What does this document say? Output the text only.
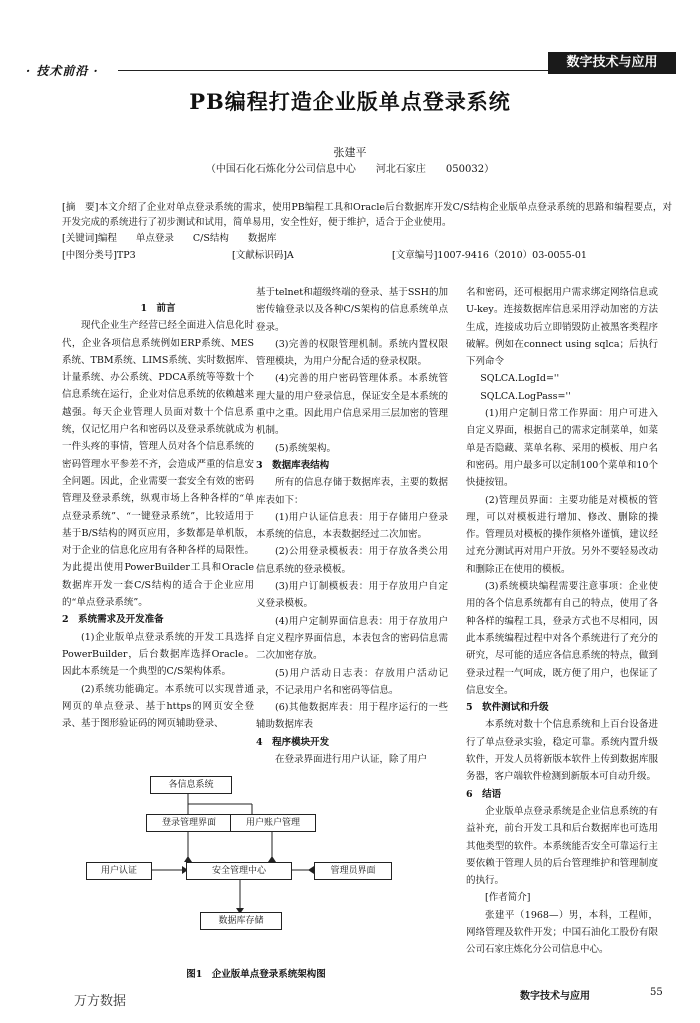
· 技术前沿 ·
数字技术与应用
PB编程打造企业版单点登录系统
张建平
（中国石化石炼化分公司信息中心　　河北石家庄　　050032）
[摘　要]本文介绍了企业对单点登录系统的需求，使用PB编程工具和Oracle后台数据库开发C/S结构企业版单点登录系统的思路和编程要点，对开发完成的系统进行了初步测试和试用，简单易用，安全性好，便于维护，适合于企业使用。
[关键词]编程　　单点登录　　C/S结构　　数据库
[中图分类号]TP3	[文献标识码]A	[文章编号]1007-9416（2010）03-0055-01

1　前言

现代企业生产经营已经全面进入信息化时代，企业各项信息系统例如ERP系统、MES系统、TBM系统、LIMS系统、实时数据库、计量系统、办公系统、PDCA系统等等数十个信息系统在运行，企业对信息系统的依赖越来越强。每天企业管理人员面对数十个信息系统，仅记忆用户名和密码以及登录系统就成为一件头疼的事情，管理人员对各个信息系统的密码管理水平参差不齐，会造成严重的信息安全问题。因此，企业需要一套安全有效的密码管理及登录系统，纵观市场上各种各样的“单点登录系统”、“一键登录系统”，比较适用于基于B/S结构的网页应用，多数都是单机版，对于企业的信息化应用有各种各样的局限性。为此提出使用PowerBuilder工具和Oracle数据库开发一套C/S结构的适合于企业应用的“单点登录系统”。

2　系统需求及开发准备

(1)企业版单点登录系统的开发工具选择PowerBuilder，后台数据库选择Oracle。因此本系统是一个典型的C/S架构体系。

(2)系统功能确定。本系统可以实现普通网页的单点登录、基于https的网页安全登录、基于图形验证码的网页辅助登录、

基于telnet和超级终端的登录、基于SSH的加密传输登录以及各种C/S架构的信息系统单点登录。

(3)完善的权限管理机制。系统内置权限管理模块，为用户分配合适的登录权限。

(4)完善的用户密码管理体系。本系统管理大量的用户登录信息，保证安全是本系统的重中之重。因此用户信息采用三层加密的管理机制。

(5)系统架构。

3　数据库表结构

所有的信息存储于数据库表，主要的数据库表如下：

(1)用户认证信息表：用于存储用户登录本系统的信息，本表数据经过二次加密。

(2)公用登录模板表：用于存放各类公用信息系统的登录模板。

(3)用户订制模板表：用于存放用户自定义登录模板。

(4)用户定制界面信息表：用于存放用户自定义程序界面信息，本表包含的密码信息需二次加密存放。

(5)用户活动日志表：存放用户活动记录，不记录用户名和密码等信息。

(6)其他数据库表：用于程序运行的一些辅助数据库表

4　程序模块开发

在登录界面进行用户认证，除了用户

名和密码，还可根据用户需求绑定网络信息或U-key。连接数据库信息采用浮动加密的方法生成，连接成功后立即销毁防止被黑客类程序破解。例如在connect using sqlca；后执行下列命令

SQLCA.LogId=''

SQLCA.LogPass=''

(1)用户定制日常工作界面：用户可进入自定义界面，根据自己的需求定制菜单，如菜单是否隐藏、菜单名称、采用的模板、用户名和密码。用户最多可以定制100个菜单和10个快捷按钮。

(2)管理员界面：主要功能是对模板的管理，可以对模板进行增加、修改、删除的操作。管理员对模板的操作须格外谨慎，建议经过充分测试再对用户开放。另外不要轻易改动和删除正在使用的模板。

(3)系统模块编程需要注意事项：企业使用的各个信息系统都有自己的特点，使用了各种各样的编程工具，登录方式也不尽相同，因此本系统编程过程中对各个系统进行了充分的研究，尽可能的适应各信息系统的特点，做到登录过程一气呵成，既方便了用户，也保证了信息安全。

5　软件测试和升级

本系统对数十个信息系统和上百台设备进行了单点登录实验，稳定可靠。系统内置升级软件，开发人员将新版本软件上传到数据库服务器，客户端软件检测到新版本可自动升级。

6　结语

企业版单点登录系统是企业信息系统的有益补充，前台开发工具和后台数据库也可选用其他类型的软件。本系统能否安全可靠运行主要依赖于管理人员的后台管理维护和管理制度的执行。

[作者简介]

张建平（1968—）男，本科，工程师，网络管理及软件开发；中国石油化工股份有限公司石家庄炼化分公司信息中心。

各信息系统
登录管理界面	用户账户管理
用户认证	安全管理中心	管理员界面
数据库存储
图1　企业版单点登录系统架构图
万方数据	数字技术与应用	55
